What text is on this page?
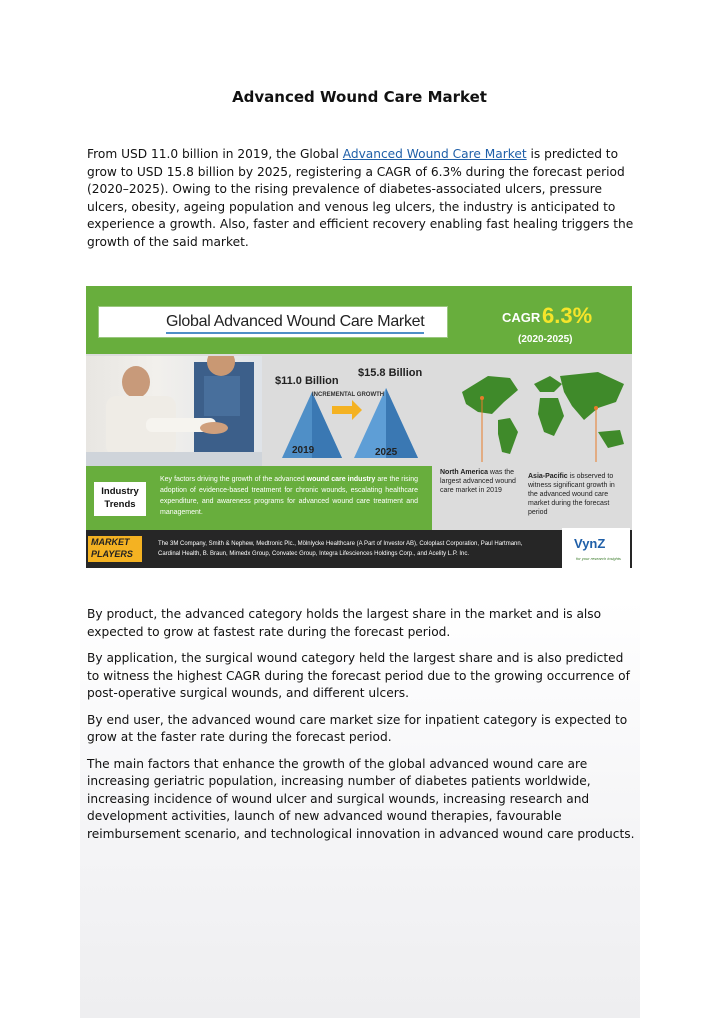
Advanced Wound Care Market

From USD 11.0 billion in 2019, the Global Advanced Wound Care Market is predicted to grow to USD 15.8 billion by 2025, registering a CAGR of 6.3% during the forecast period (2020–2025). Owing to the rising prevalence of diabetes-associated ulcers, pressure ulcers, obesity, ageing population and venous leg ulcers, the industry is anticipated to experience a growth. Also, faster and efficient recovery enabling fast healing triggers the growth of the said market.

Global Advanced Wound Care Market	CAGR 6.3%
(2020-2025)
$11.0 Billion
$15.8 Billion
INCREMENTAL GROWTH
2019	2025
Industry Trends
Key factors driving the growth of the advanced wound care industry are the rising adoption of evidence-based treatment for chronic wounds, escalating healthcare expenditure, and awareness programs for advanced wound care treatment and management.
North America was the largest advanced wound care market in 2019
Asia-Pacific is observed to witness significant growth in the advanced wound care market during the forecast period
MARKET PLAYERS
The 3M Company, Smith & Nephew, Medtronic Plc., Mölnlycke Healthcare (A Part of Investor AB), Coloplast Corporation, Paul Hartmann, Cardinal Health, B. Braun, Mimedx Group, Convatec Group, Integra Lifesciences Holdings Corp., and Acelity L.P. Inc.
VynZ
for your research insights

By product, the advanced category holds the largest share in the market and is also expected to grow at fastest rate during the forecast period.

By application, the surgical wound category held the largest share and is also predicted to witness the highest CAGR during the forecast period due to the growing occurrence of post-operative surgical wounds, and different ulcers.

By end user, the advanced wound care market size for inpatient category is expected to grow at the faster rate during the forecast period.

The main factors that enhance the growth of the global advanced wound care are increasing geriatric population, increasing number of diabetes patients worldwide, increasing incidence of wound ulcer and surgical wounds, increasing research and development activities, launch of new advanced wound therapies, favourable reimbursement scenario, and technological innovation in advanced wound care products.
